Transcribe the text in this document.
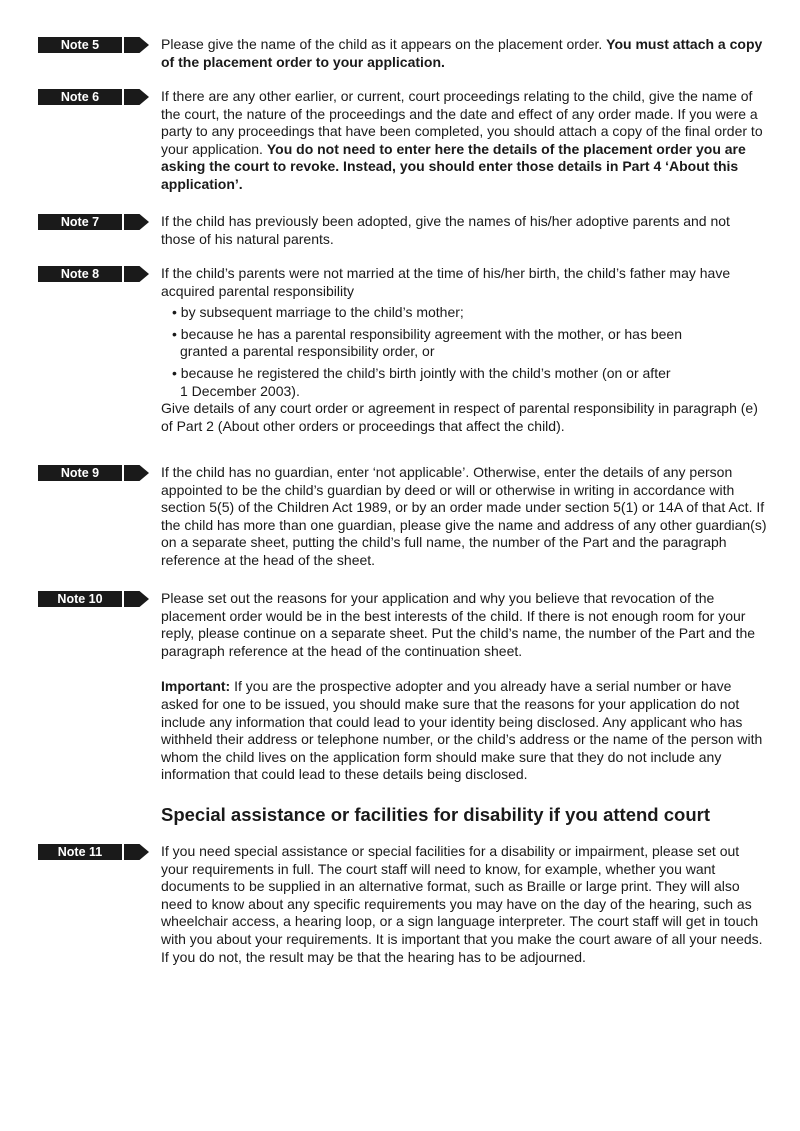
Note 5	Please give the name of the child as it appears on the placement order. You must attach a copy of the placement order to your application.

Note 6	If there are any other earlier, or current, court proceedings relating to the child, give the name of the court, the nature of the proceedings and the date and effect of any order made. If you were a party to any proceedings that have been completed, you should attach a copy of the final order to your application. You do not need to enter here the details of the placement order you are asking the court to revoke. Instead, you should enter those details in Part 4 ‘About this application’.

Note 7	If the child has previously been adopted, give the names of his/her adoptive parents and not those of his natural parents.

Note 8	If the child’s parents were not married at the time of his/her birth, the child’s father may have acquired parental responsibility

• by subsequent marriage to the child’s mother;
• because he has a parental responsibility agreement with the mother, or has been
granted a parental responsibility order, or
• because he registered the child’s birth jointly with the child’s mother (on or after
1 December 2003).

Give details of any court order or agreement in respect of parental responsibility in paragraph (e) of Part 2 (About other orders or proceedings that affect the child).

Note 9	If the child has no guardian, enter ‘not applicable’. Otherwise, enter the details of any person appointed to be the child’s guardian by deed or will or otherwise in writing in accordance with section 5(5) of the Children Act 1989, or by an order made under section 5(1) or 14A of that Act. If the child has more than one guardian, please give the name and address of any other guardian(s) on a separate sheet, putting the child’s full name, the number of the Part and the paragraph reference at the head of the sheet.

Note 10	Please set out the reasons for your application and why you believe that revocation of the placement order would be in the best interests of the child. If there is not enough room for your reply, please continue on a separate sheet. Put the child’s name, the number of the Part and the paragraph reference at the head of the continuation sheet.

Important: If you are the prospective adopter and you already have a serial number or have asked for one to be issued, you should make sure that the reasons for your application do not include any information that could lead to your identity being disclosed. Any applicant who has withheld their address or telephone number, or the child’s address or the name of the person with whom the child lives on the application form should make sure that they do not include any information that could lead to these details being disclosed.

Special assistance or facilities for disability if you attend court
Note 11	If you need special assistance or special facilities for a disability or impairment, please set out your requirements in full. The court staff will need to know, for example, whether you want documents to be supplied in an alternative format, such as Braille or large print. They will also need to know about any specific requirements you may have on the day of the hearing, such as wheelchair access, a hearing loop, or a sign language interpreter. The court staff will get in touch with you about your requirements. It is important that you make the court aware of all your needs. If you do not, the result may be that the hearing has to be adjourned.
